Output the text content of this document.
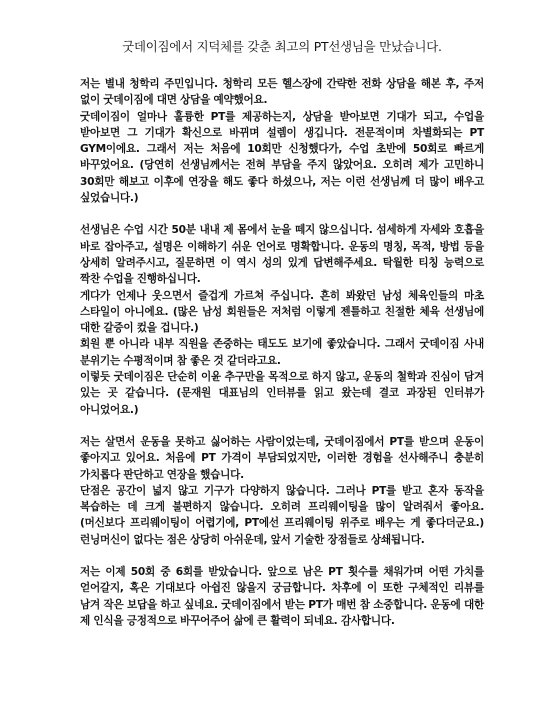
굿데이짐에서 지덕체를 갖춘 최고의 PT선생님을 만났습니다.

저는 별내 청학리 주민입니다. 청학리 모든 헬스장에 간략한 전화 상담을 해본 후, 주저 없이 굿데이짐에 대면 상담을 예약했어요.

굿데이짐이 얼마나 훌륭한 PT를 제공하는지, 상담을 받아보면 기대가 되고, 수업을 받아보면 그 기대가 확신으로 바뀌며 설렘이 생깁니다. 전문적이며 차별화되는 PT GYM이에요. 그래서 저는 처음에 10회만 신청했다가, 수업 초반에 50회로 빠르게 바꾸었어요. (당연히 선생님께서는 전혀 부담을 주지 않았어요. 오히려 제가 고민하니 30회만 해보고 이후에 연장을 해도 좋다 하셨으나, 저는 이런 선생님께 더 많이 배우고 싶었습니다.)

선생님은 수업 시간 50분 내내 제 몸에서 눈을 떼지 않으십니다. 섬세하게 자세와 호흡을 바로 잡아주고, 설명은 이해하기 쉬운 언어로 명확합니다. 운동의 명칭, 목적, 방법 등을 상세히 알려주시고, 질문하면 이 역시 성의 있게 답변해주세요. 탁월한 티칭 능력으로 짝찬 수업을 진행하십니다.

게다가 언제나 웃으면서 즐겁게 가르쳐 주십니다. 흔히 봐왔던 남성 체육인들의 마초 스타일이 아니에요. (많은 남성 회원들은 저처럼 이렇게 젠틀하고 친절한 체육 선생님에 대한 갈증이 컸을 겁니다.)

회원 뿐 아니라 내부 직원을 존중하는 태도도 보기에 좋았습니다. 그래서 굿데이짐 사내 분위기는 수평적이며 참 좋은 것 같더라고요.

이렇듯 굿데이짐은 단순히 이윤 추구만을 목적으로 하지 않고, 운동의 철학과 진심이 담겨 있는 곳 같습니다. (문재원 대표님의 인터뷰를 읽고 왔는데 결코 과장된 인터뷰가 아니었어요.)

저는 살면서 운동을 못하고 싫어하는 사람이었는데, 굿데이짐에서 PT를 받으며 운동이 좋아지고 있어요. 처음에 PT 가격이 부담되었지만, 이러한 경험을 선사해주니 충분히 가치롭다 판단하고 연장을 했습니다.

단점은 공간이 넓지 않고 기구가 다양하지 않습니다. 그러나 PT를 받고 혼자 동작을 복습하는 데 크게 불편하지 않습니다. 오히려 프리웨이팅을 많이 알려줘서 좋아요. (머신보다 프리웨이팅이 어렵기에, PT에선 프리웨이팅 위주로 배우는 게 좋다더군요.) 런닝머신이 없다는 점은 상당히 아쉬운데, 앞서 기술한 장점들로 상쇄됩니다.

저는 이제 50회 중 6회를 받았습니다. 앞으로 남은 PT 횟수를 채워가며 어떤 가치를 얻어갈지, 혹은 기대보다 아쉽진 않을지 궁금합니다. 차후에 이 또한 구체적인 리뷰를 남겨 작은 보답을 하고 싶네요. 굿데이짐에서 받는 PT가 매번 참 소중합니다. 운동에 대한 제 인식을 긍정적으로 바꾸어주어 삶에 큰 활력이 되네요. 감사합니다.
